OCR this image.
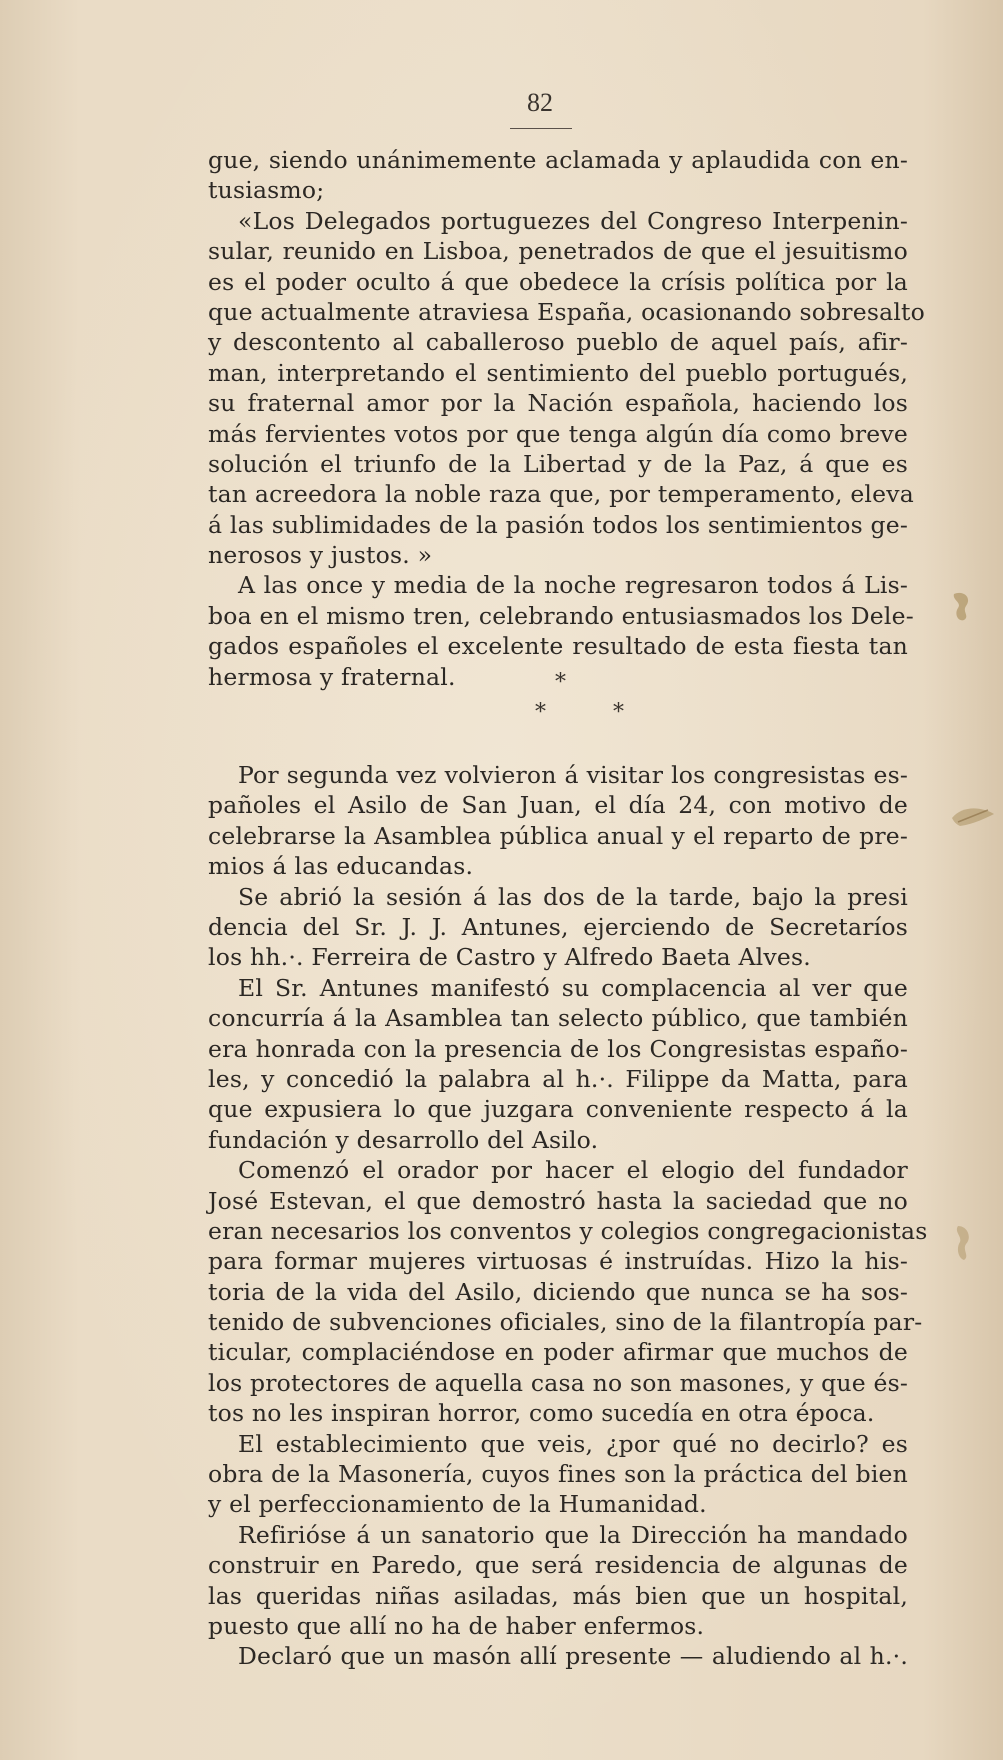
82
gue, siendo unánimemente aclamada y aplaudida con en-
tusiasmo;
«Los Delegados portuguezes del Congreso Interpenin-
sular, reunido en Lisboa, penetrados de que el jesuitismo
es el poder oculto á que obedece la crísis política por la
que actualmente atraviesa España, ocasionando sobresalto
y descontento al caballeroso pueblo de aquel país, afir-
man, interpretando el sentimiento del pueblo portugués,
su fraternal amor por la Nación española, haciendo los
más fervientes votos por que tenga algún día como breve
solución el triunfo de la Libertad y de la Paz, á que es
tan acreedora la noble raza que, por temperamento, eleva
á las sublimidades de la pasión todos los sentimientos ge-
nerosos y justos. »
A las once y media de la noche regresaron todos á Lis-
boa en el mismo tren, celebrando entusiasmados los Dele-
gados españoles el excelente resultado de esta fiesta tan
hermosa y fraternal.
Por segunda vez volvieron á visitar los congresistas es-
pañoles el Asilo de San Juan, el día 24, con motivo de
celebrarse la Asamblea pública anual y el reparto de pre-
mios á las educandas.
Se abrió la sesión á las dos de la tarde, bajo la presi
dencia del Sr. J. J. Antunes, ejerciendo de Secretaríos
los hh.·. Ferreira de Castro y Alfredo Baeta Alves.
El Sr. Antunes manifestó su complacencia al ver que
concurría á la Asamblea tan selecto público, que también
era honrada con la presencia de los Congresistas españo-
les, y concedió la palabra al h.·. Filippe da Matta, para
que expusiera lo que juzgara conveniente respecto á la
fundación y desarrollo del Asilo.
Comenzó el orador por hacer el elogio del fundador
José Estevan, el que demostró hasta la saciedad que no
eran necesarios los conventos y colegios congregacionistas
para formar mujeres virtuosas é instruídas. Hizo la his-
toria de la vida del Asilo, diciendo que nunca se ha sos-
tenido de subvenciones oficiales, sino de la filantropía par-
ticular, complaciéndose en poder afirmar que muchos de
los protectores de aquella casa no son masones, y que és-
tos no les inspiran horror, como sucedía en otra época.
El establecimiento que veis, ¿por qué no decirlo? es
obra de la Masonería, cuyos fines son la práctica del bien
y el perfeccionamiento de la Humanidad.
Refirióse á un sanatorio que la Dirección ha mandado
construir en Paredo, que será residencia de algunas de
las queridas niñas asiladas, más bien que un hospital,
puesto que allí no ha de haber enfermos.
Declaró que un masón allí presente — aludiendo al h.·.
*
* *
